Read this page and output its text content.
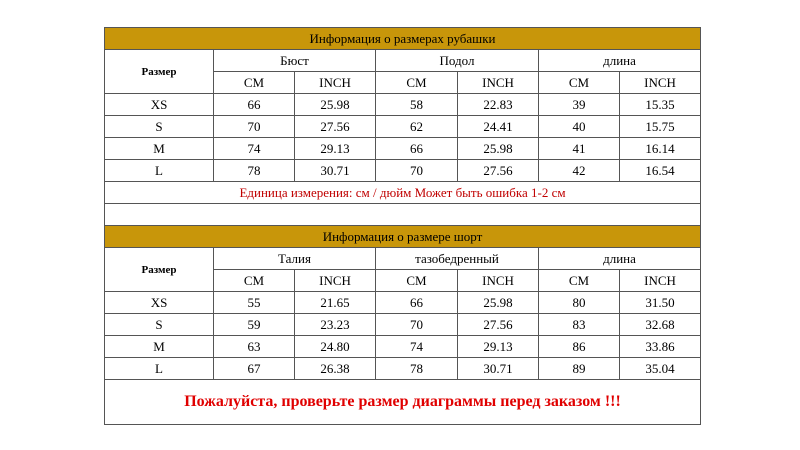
Информация о размерах рубашки						
Размер	Бюст		Подол		длина	
	CM	INCH	CM	INCH	CM	INCH
XS	66	25.98	58	22.83	39	15.35
S	70	27.56	62	24.41	40	15.75
M	74	29.13	66	25.98	41	16.14
L	78	30.71	70	27.56	42	16.54
Единица измерения: см / дюйм Может быть ошибка 1-2 см						

Информация о размере шорт						
Размер	Талия		тазобедренный		длина	
	CM	INCH	CM	INCH	CM	INCH
XS	55	21.65	66	25.98	80	31.50
S	59	23.23	70	27.56	83	32.68
M	63	24.80	74	29.13	86	33.86
L	67	26.38	78	30.71	89	35.04
Пожалуйста, проверьте размер диаграммы перед заказом !!!						
